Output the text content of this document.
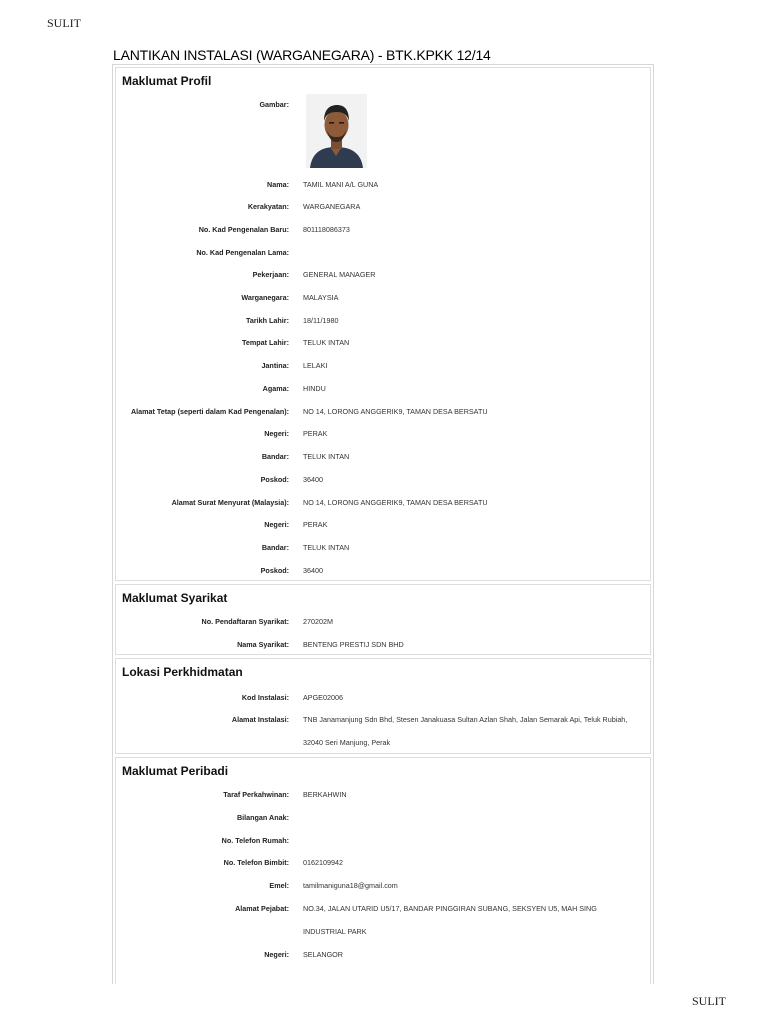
SULIT
LANTIKAN INSTALASI (WARGANEGARA) - BTK.KPKK 12/14
Maklumat Profil
Gambar:
Nama: TAMIL MANI A/L GUNA
Kerakyatan: WARGANEGARA
No. Kad Pengenalan Baru: 801118086373
No. Kad Pengenalan Lama:
Pekerjaan: GENERAL MANAGER
Warganegara: MALAYSIA
Tarikh Lahir: 18/11/1980
Tempat Lahir: TELUK INTAN
Jantina: LELAKI
Agama: HINDU
Alamat Tetap (seperti dalam Kad Pengenalan): NO 14, LORONG ANGGERIK9, TAMAN DESA BERSATU
Negeri: PERAK
Bandar: TELUK INTAN
Poskod: 36400
Alamat Surat Menyurat (Malaysia): NO 14, LORONG ANGGERIK9, TAMAN DESA BERSATU
Negeri: PERAK
Bandar: TELUK INTAN
Poskod: 36400
Maklumat Syarikat
No. Pendaftaran Syarikat: 270202M
Nama Syarikat: BENTENG PRESTIJ SDN BHD
Lokasi Perkhidmatan
Kod Instalasi: APGE02006
Alamat Instalasi: TNB Janamanjung Sdn Bhd, Stesen Janakuasa Sultan Azlan Shah, Jalan Semarak Api, Teluk Rubiah,
32040 Seri Manjung, Perak
Maklumat Peribadi
Taraf Perkahwinan: BERKAHWIN
Bilangan Anak:
No. Telefon Rumah:
No. Telefon Bimbit: 0162109942
Emel: tamilmaniguna18@gmail.com
Alamat Pejabat: NO.34, JALAN UTARID U5/17, BANDAR PINGGIRAN SUBANG, SEKSYEN U5, MAH SING
INDUSTRIAL PARK
Negeri: SELANGOR
SULIT
